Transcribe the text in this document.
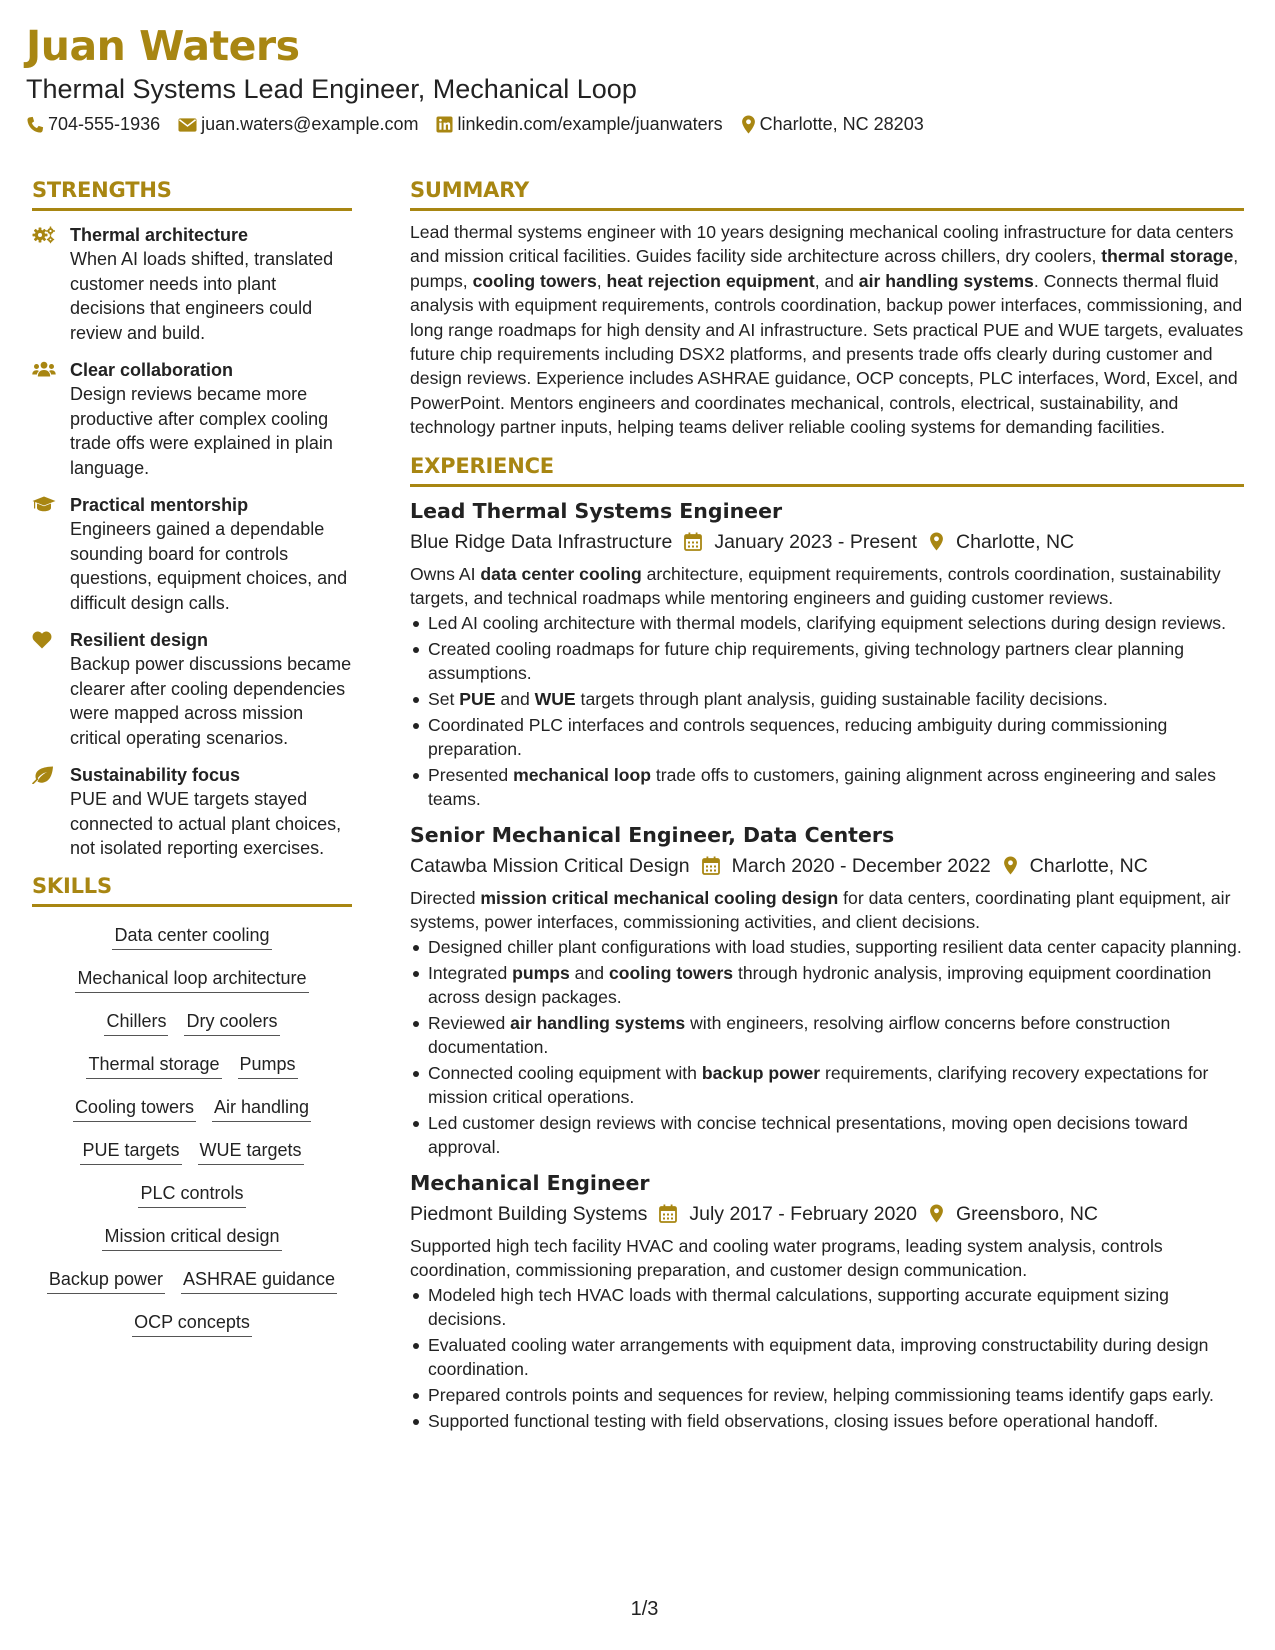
Juan Waters
Thermal Systems Lead Engineer, Mechanical Loop
704-555-1936 juan.waters@example.com linkedin.com/example/juanwaters Charlotte, NC 28203
STRENGTHS
Thermal architecture
When AI loads shifted, translated customer needs into plant decisions that engineers could review and build.
Clear collaboration
Design reviews became more productive after complex cooling trade offs were explained in plain language.
Practical mentorship
Engineers gained a dependable sounding board for controls questions, equipment choices, and difficult design calls.
Resilient design
Backup power discussions became clearer after cooling dependencies were mapped across mission critical operating scenarios.
Sustainability focus
PUE and WUE targets stayed connected to actual plant choices, not isolated reporting exercises.
SKILLS
Data center cooling
Mechanical loop architecture
Chillers Dry coolers
Thermal storage Pumps
Cooling towers Air handling
PUE targets WUE targets
PLC controls
Mission critical design
Backup power ASHRAE guidance
OCP concepts
SUMMARY
Lead thermal systems engineer with 10 years designing mechanical cooling infrastructure for data centers and mission critical facilities. Guides facility side architecture across chillers, dry coolers, thermal storage, pumps, cooling towers, heat rejection equipment, and air handling systems. Connects thermal fluid analysis with equipment requirements, controls coordination, backup power interfaces, commissioning, and long range roadmaps for high density and AI infrastructure. Sets practical PUE and WUE targets, evaluates future chip requirements including DSX2 platforms, and presents trade offs clearly during customer and design reviews. Experience includes ASHRAE guidance, OCP concepts, PLC interfaces, Word, Excel, and PowerPoint. Mentors engineers and coordinates mechanical, controls, electrical, sustainability, and technology partner inputs, helping teams deliver reliable cooling systems for demanding facilities.
EXPERIENCE
Lead Thermal Systems Engineer
Blue Ridge Data Infrastructure January 2023 - Present Charlotte, NC
Owns AI data center cooling architecture, equipment requirements, controls coordination, sustainability targets, and technical roadmaps while mentoring engineers and guiding customer reviews.
Led AI cooling architecture with thermal models, clarifying equipment selections during design reviews.
Created cooling roadmaps for future chip requirements, giving technology partners clear planning assumptions.
Set PUE and WUE targets through plant analysis, guiding sustainable facility decisions.
Coordinated PLC interfaces and controls sequences, reducing ambiguity during commissioning preparation.
Presented mechanical loop trade offs to customers, gaining alignment across engineering and sales teams.
Senior Mechanical Engineer, Data Centers
Catawba Mission Critical Design March 2020 - December 2022 Charlotte, NC
Directed mission critical mechanical cooling design for data centers, coordinating plant equipment, air systems, power interfaces, commissioning activities, and client decisions.
Designed chiller plant configurations with load studies, supporting resilient data center capacity planning.
Integrated pumps and cooling towers through hydronic analysis, improving equipment coordination across design packages.
Reviewed air handling systems with engineers, resolving airflow concerns before construction documentation.
Connected cooling equipment with backup power requirements, clarifying recovery expectations for mission critical operations.
Led customer design reviews with concise technical presentations, moving open decisions toward approval.
Mechanical Engineer
Piedmont Building Systems July 2017 - February 2020 Greensboro, NC
Supported high tech facility HVAC and cooling water programs, leading system analysis, controls coordination, commissioning preparation, and customer design communication.
Modeled high tech HVAC loads with thermal calculations, supporting accurate equipment sizing decisions.
Evaluated cooling water arrangements with equipment data, improving constructability during design coordination.
Prepared controls points and sequences for review, helping commissioning teams identify gaps early.
Supported functional testing with field observations, closing issues before operational handoff.
1/3
